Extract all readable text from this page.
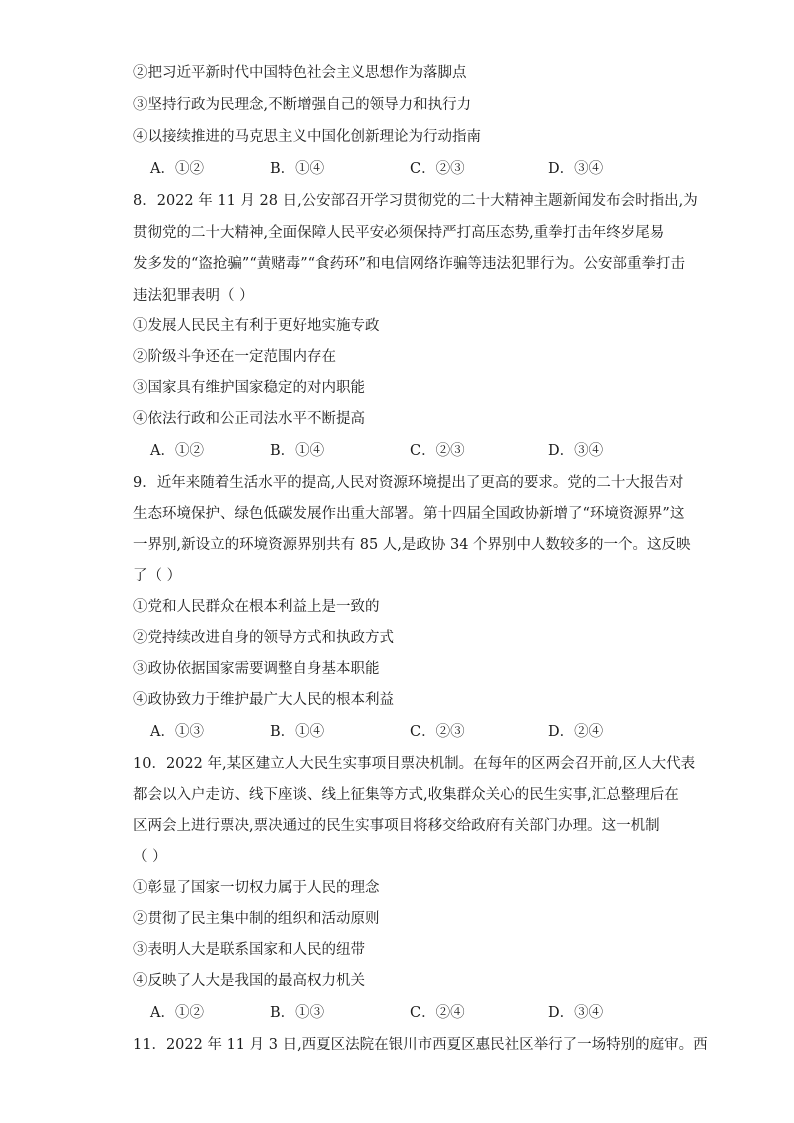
②把习近平新时代中国特色社会主义思想作为落脚点
③坚持行政为民理念,不断增强自己的领导力和执行力
④以接续推进的马克思主义中国化创新理论为行动指南
A．①②	B．①④	C．②③	D．③④
8．2022 年 11 月 28 日,公安部召开学习贯彻党的二十大精神主题新闻发布会时指出,为
贯彻党的二十大精神,全面保障人民平安必须保持严打高压态势,重拳打击年终岁尾易
发多发的“盗抢骗”“黄赌毒”“食药环”和电信网络诈骗等违法犯罪行为。公安部重拳打击
违法犯罪表明（ ）
①发展人民民主有利于更好地实施专政
②阶级斗争还在一定范围内存在
③国家具有维护国家稳定的对内职能
④依法行政和公正司法水平不断提高
A．①②	B．①④	C．②③	D．③④
9．近年来随着生活水平的提高,人民对资源环境提出了更高的要求。党的二十大报告对
生态环境保护、绿色低碳发展作出重大部署。第十四届全国政协新增了“环境资源界”这
一界别,新设立的环境资源界别共有 85 人,是政协 34 个界别中人数较多的一个。这反映
了（ ）
①党和人民群众在根本利益上是一致的
②党持续改进自身的领导方式和执政方式
③政协依据国家需要调整自身基本职能
④政协致力于维护最广大人民的根本利益
A．①③	B．①④	C．②③	D．②④
10．2022 年,某区建立人大民生实事项目票决机制。在每年的区两会召开前,区人大代表
都会以入户走访、线下座谈、线上征集等方式,收集群众关心的民生实事,汇总整理后在
区两会上进行票决,票决通过的民生实事项目将移交给政府有关部门办理。这一机制
（ ）
①彰显了国家一切权力属于人民的理念
②贯彻了民主集中制的组织和活动原则
③表明人大是联系国家和人民的纽带
④反映了人大是我国的最高权力机关
A．①②	B．①③	C．②④	D．③④
11．2022 年 11 月 3 日,西夏区法院在银川市西夏区惠民社区举行了一场特别的庭审。西
